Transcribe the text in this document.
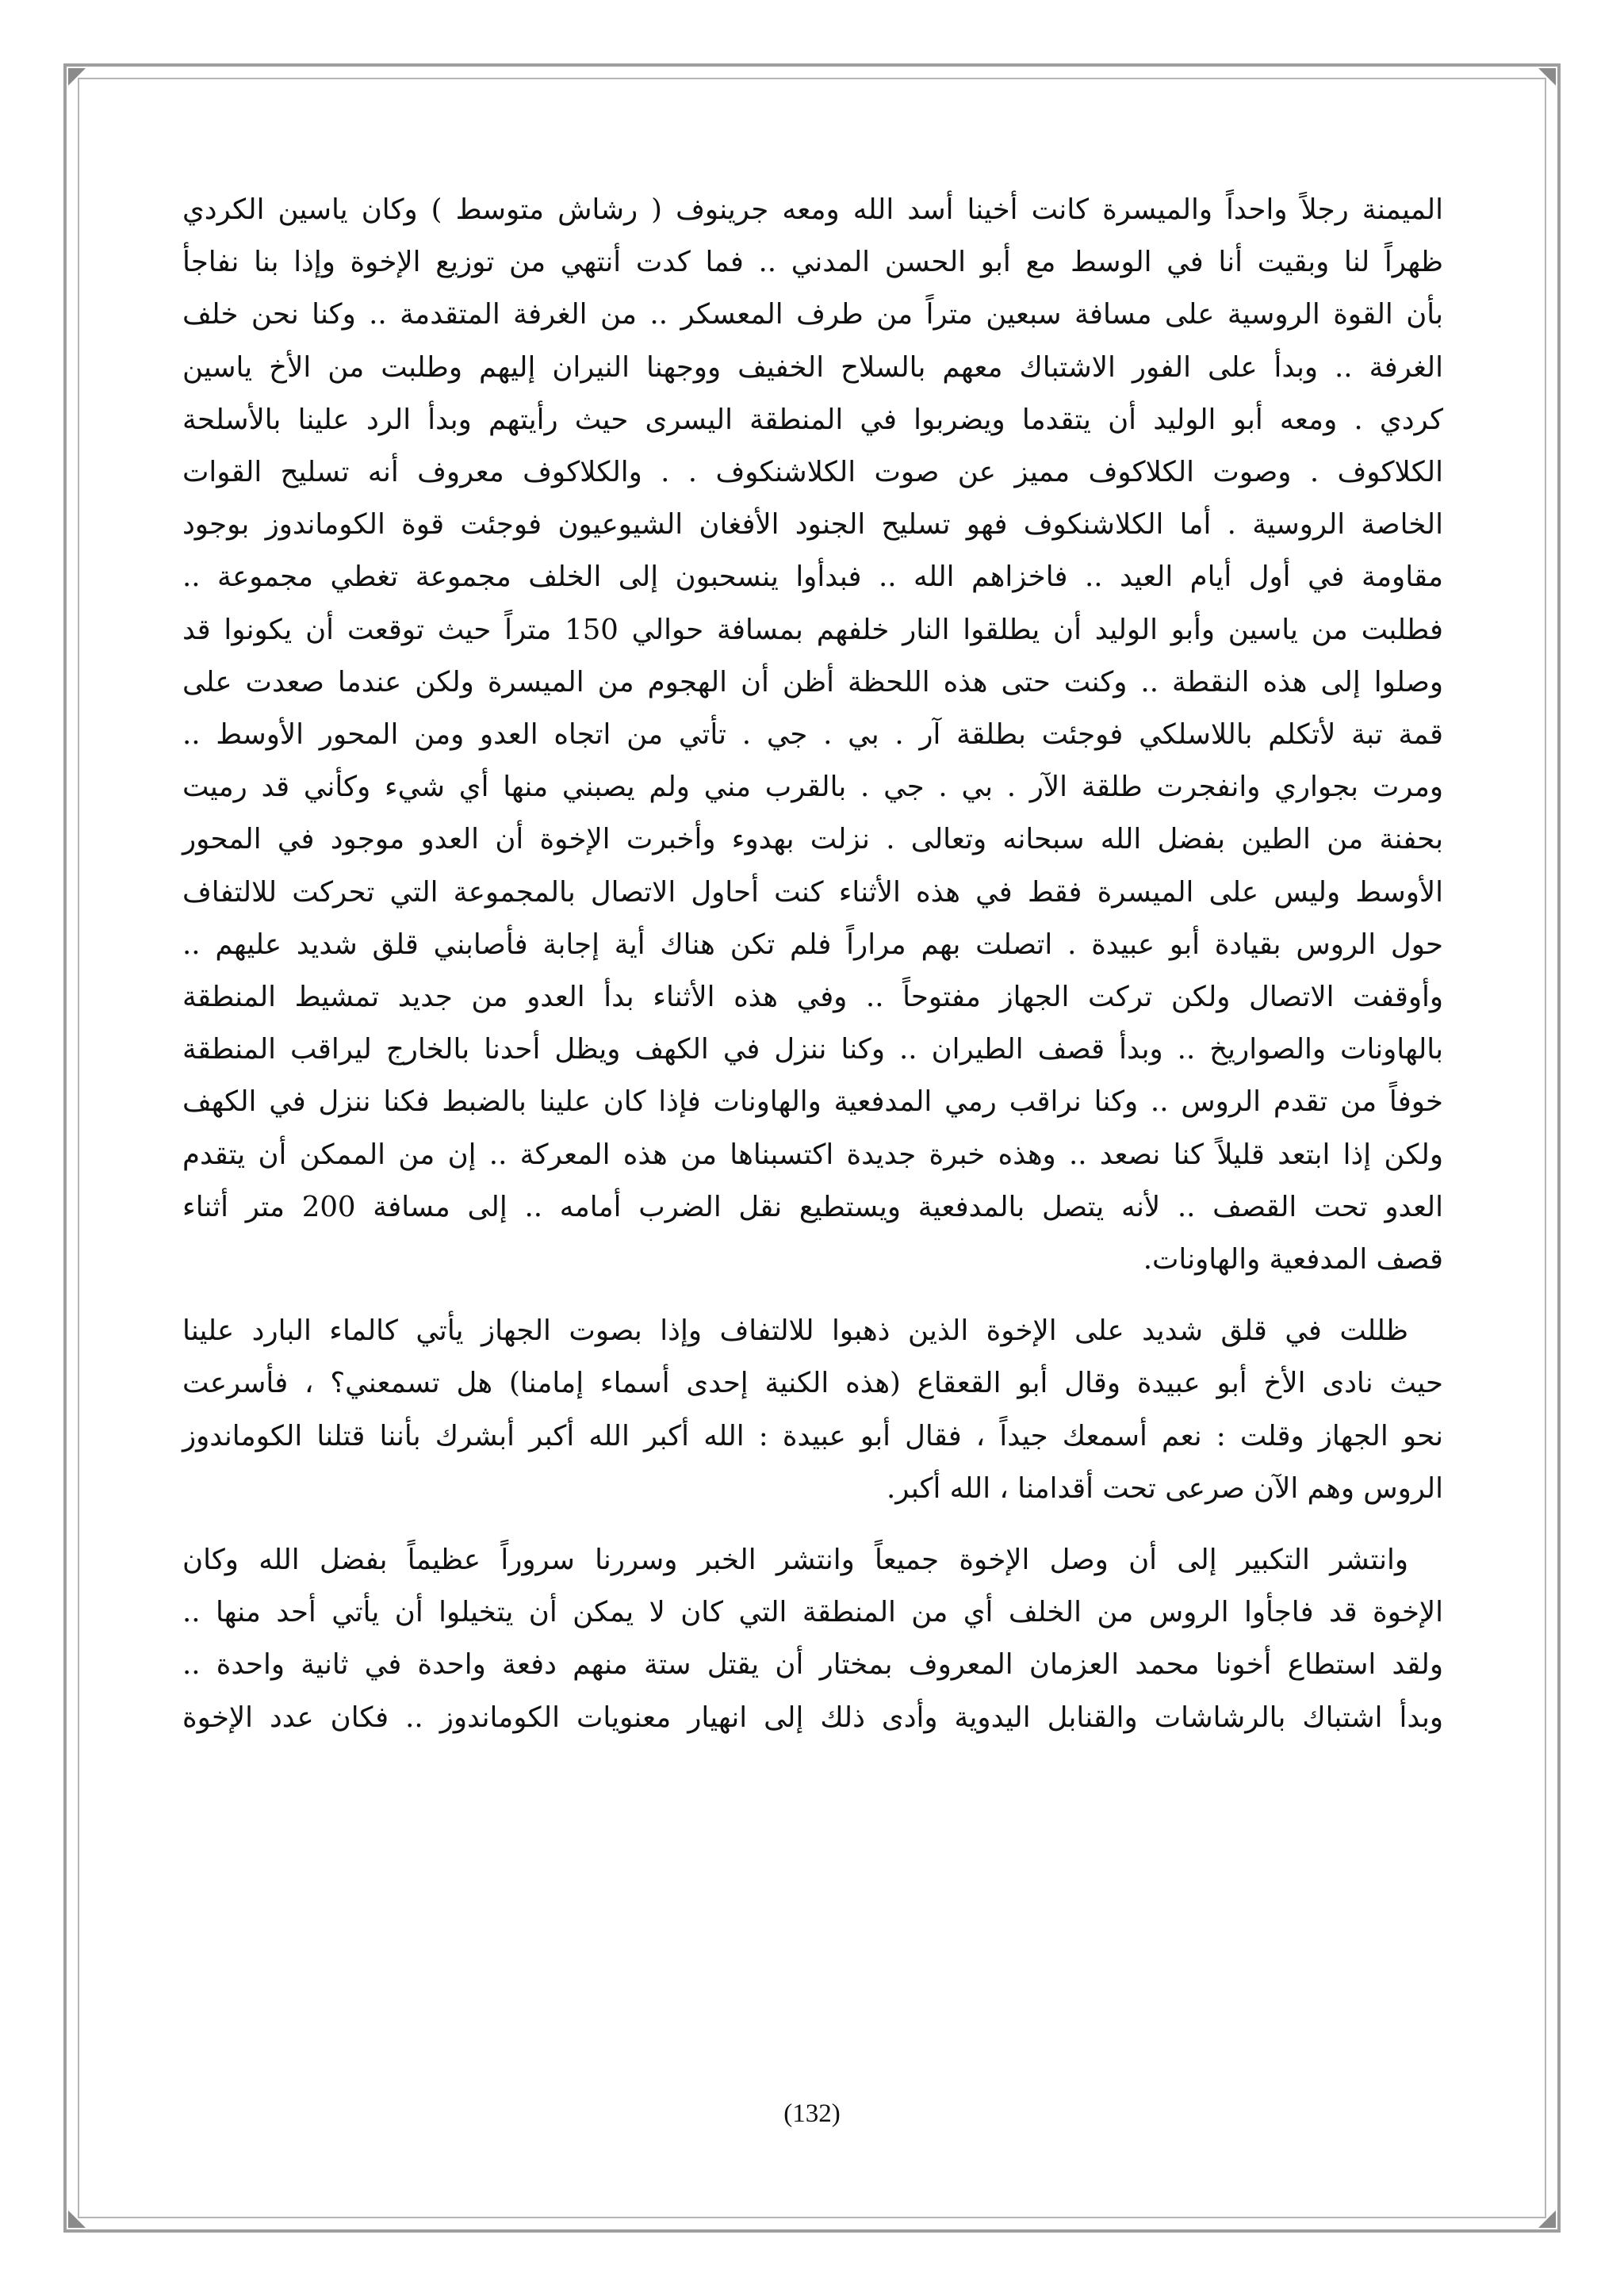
الميمنة رجلاً واحداً والميسرة كانت أخينا أسد الله ومعه جرينوف ( رشاش متوسط ) وكان ياسين الكردي

ظهراً لنا وبقيت أنا في الوسط مع أبو الحسن المدني .. فما كدت أنتهي من توزيع الإخوة وإذا بنا نفاجأ

بأن القوة الروسية على مسافة سبعين متراً من طرف المعسكر .. من الغرفة المتقدمة .. وكنا نحن خلف

الغرفة .. وبدأ على الفور الاشتباك معهم بالسلاح الخفيف ووجهنا النيران إليهم وطلبت من الأخ ياسين

كردي . ومعه أبو الوليد أن يتقدما ويضربوا في المنطقة اليسرى حيث رأيتهم وبدأ الرد علينا بالأسلحة

الكلاكوف . وصوت الكلاكوف مميز عن صوت الكلاشنكوف . . والكلاكوف معروف أنه تسليح القوات

الخاصة الروسية . أما الكلاشنكوف فهو تسليح الجنود الأفغان الشيوعيون فوجئت قوة الكوماندوز بوجود

مقاومة في أول أيام العيد .. فاخزاهم الله .. فبدأوا ينسحبون إلى الخلف مجموعة تغطي مجموعة ..

فطلبت من ياسين وأبو الوليد أن يطلقوا النار خلفهم بمسافة حوالي 150 متراً حيث توقعت أن يكونوا قد

وصلوا إلى هذه النقطة .. وكنت حتى هذه اللحظة أظن أن الهجوم من الميسرة ولكن عندما صعدت على

قمة تبة لأتكلم باللاسلكي فوجئت بطلقة آر . بي . جي . تأتي من اتجاه العدو ومن المحور الأوسط ..

ومرت بجواري وانفجرت طلقة الآر . بي . جي . بالقرب مني ولم يصبني منها أي شيء وكأني قد رميت

بحفنة من الطين بفضل الله سبحانه وتعالى . نزلت بهدوء وأخبرت الإخوة أن العدو موجود في المحور

الأوسط وليس على الميسرة فقط في هذه الأثناء كنت أحاول الاتصال بالمجموعة التي تحركت للالتفاف

حول الروس بقيادة أبو عبيدة . اتصلت بهم مراراً فلم تكن هناك أية إجابة فأصابني قلق شديد عليهم ..

وأوقفت الاتصال ولكن تركت الجهاز مفتوحاً .. وفي هذه الأثناء بدأ العدو من جديد تمشيط المنطقة

بالهاونات والصواريخ .. وبدأ قصف الطيران .. وكنا ننزل في الكهف ويظل أحدنا بالخارج ليراقب المنطقة

خوفاً من تقدم الروس .. وكنا نراقب رمي المدفعية والهاونات فإذا كان علينا بالضبط فكنا ننزل في الكهف

ولكن إذا ابتعد قليلاً كنا نصعد .. وهذه خبرة جديدة اكتسبناها من هذه المعركة .. إن من الممكن أن يتقدم

العدو تحت القصف .. لأنه يتصل بالمدفعية ويستطيع نقل الضرب أمامه .. إلى مسافة 200 متر أثناء

قصف المدفعية والهاونات.

ظللت في قلق شديد على الإخوة الذين ذهبوا للالتفاف وإذا بصوت الجهاز يأتي كالماء البارد علينا

حيث نادى الأخ أبو عبيدة وقال أبو القعقاع (هذه الكنية إحدى أسماء إمامنا) هل تسمعني؟ ، فأسرعت

نحو الجهاز وقلت : نعم أسمعك جيداً ، فقال أبو عبيدة : الله أكبر الله أكبر أبشرك بأننا قتلنا الكوماندوز

الروس وهم الآن صرعى تحت أقدامنا ، الله أكبر.

وانتشر التكبير إلى أن وصل الإخوة جميعاً وانتشر الخبر وسررنا سروراً عظيماً بفضل الله وكان

الإخوة قد فاجأوا الروس من الخلف أي من المنطقة التي كان لا يمكن أن يتخيلوا أن يأتي أحد منها ..

ولقد استطاع أخونا محمد العزمان المعروف بمختار أن يقتل ستة منهم دفعة واحدة في ثانية واحدة ..

وبدأ اشتباك بالرشاشات والقنابل اليدوية وأدى ذلك إلى انهيار معنويات الكوماندوز .. فكان عدد الإخوة

(132)
